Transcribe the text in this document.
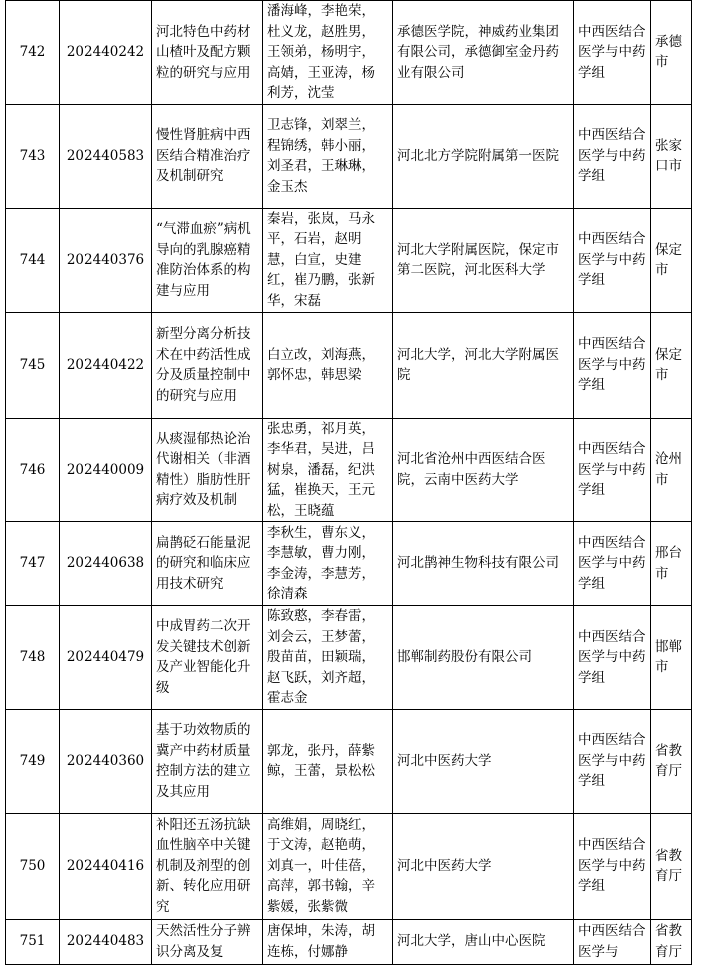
742	202440242	河北特色中药材山楂叶及配方颗粒的研究与应用	潘海峰，李艳荣，杜义龙，赵胜男，王领弟，杨明宇，高婧，王亚涛，杨利芳，沈莹	承德医学院，神威药业集团有限公司，承德御室金丹药业有限公司	中西医结合医学与中药学组	承德市
743	202440583	慢性肾脏病中西医结合精准治疗及机制研究	卫志锋，刘翠兰，程锦绣，韩小丽，刘圣君，王琳琳，金玉杰	河北北方学院附属第一医院	中西医结合医学与中药学组	张家口市
744	202440376	“气滞血瘀”病机导向的乳腺癌精准防治体系的构建与应用	秦岩，张岚，马永平，石岩，赵明慧，白宣，史建红，崔乃鹏，张新华，宋磊	河北大学附属医院，保定市第二医院，河北医科大学	中西医结合医学与中药学组	保定市
745	202440422	新型分离分析技术在中药活性成分及质量控制中的研究与应用	白立改，刘海燕，郭怀忠，韩思梁	河北大学，河北大学附属医院	中西医结合医学与中药学组	保定市
746	202440009	从痰湿郁热论治代谢相关（非酒精性）脂肪性肝病疗效及机制	张忠勇，祁月英，李华君，吴进，吕树泉，潘磊，纪洪猛，崔换天，王元松，王晓蕴	河北省沧州中西医结合医院，云南中医药大学	中西医结合医学与中药学组	沧州市
747	202440638	扁鹊砭石能量泥的研究和临床应用技术研究	李秋生，曹东义，李慧敏，曹力刚，李金涛，李慧芳，徐清森	河北鹊神生物科技有限公司	中西医结合医学与中药学组	邢台市
748	202440479	中成胃药二次开发关键技术创新及产业智能化升级	陈致憨，李春雷，刘会云，王梦蕾，殷苗苗，田颖瑞，赵飞跃，刘齐超，霍志金	邯郸制药股份有限公司	中西医结合医学与中药学组	邯郸市
749	202440360	基于功效物质的冀产中药材质量控制方法的建立及其应用	郭龙，张丹，薛紫鲸，王蕾，景松松	河北中医药大学	中西医结合医学与中药学组	省教育厅
750	202440416	补阳还五汤抗缺血性脑卒中关键机制及剂型的创新、转化应用研究	高维娟，周晓红，于文涛，赵艳萌，刘真一，叶佳蓓，高萍，郭书翰，辛紫媛，张紫微	河北中医药大学	中西医结合医学与中药学组	省教育厅
751	202440483	天然活性分子辨识分离及复	唐保坤，朱涛，胡连栋，付娜静	河北大学，唐山中心医院	中西医结合医学与	省教育厅
